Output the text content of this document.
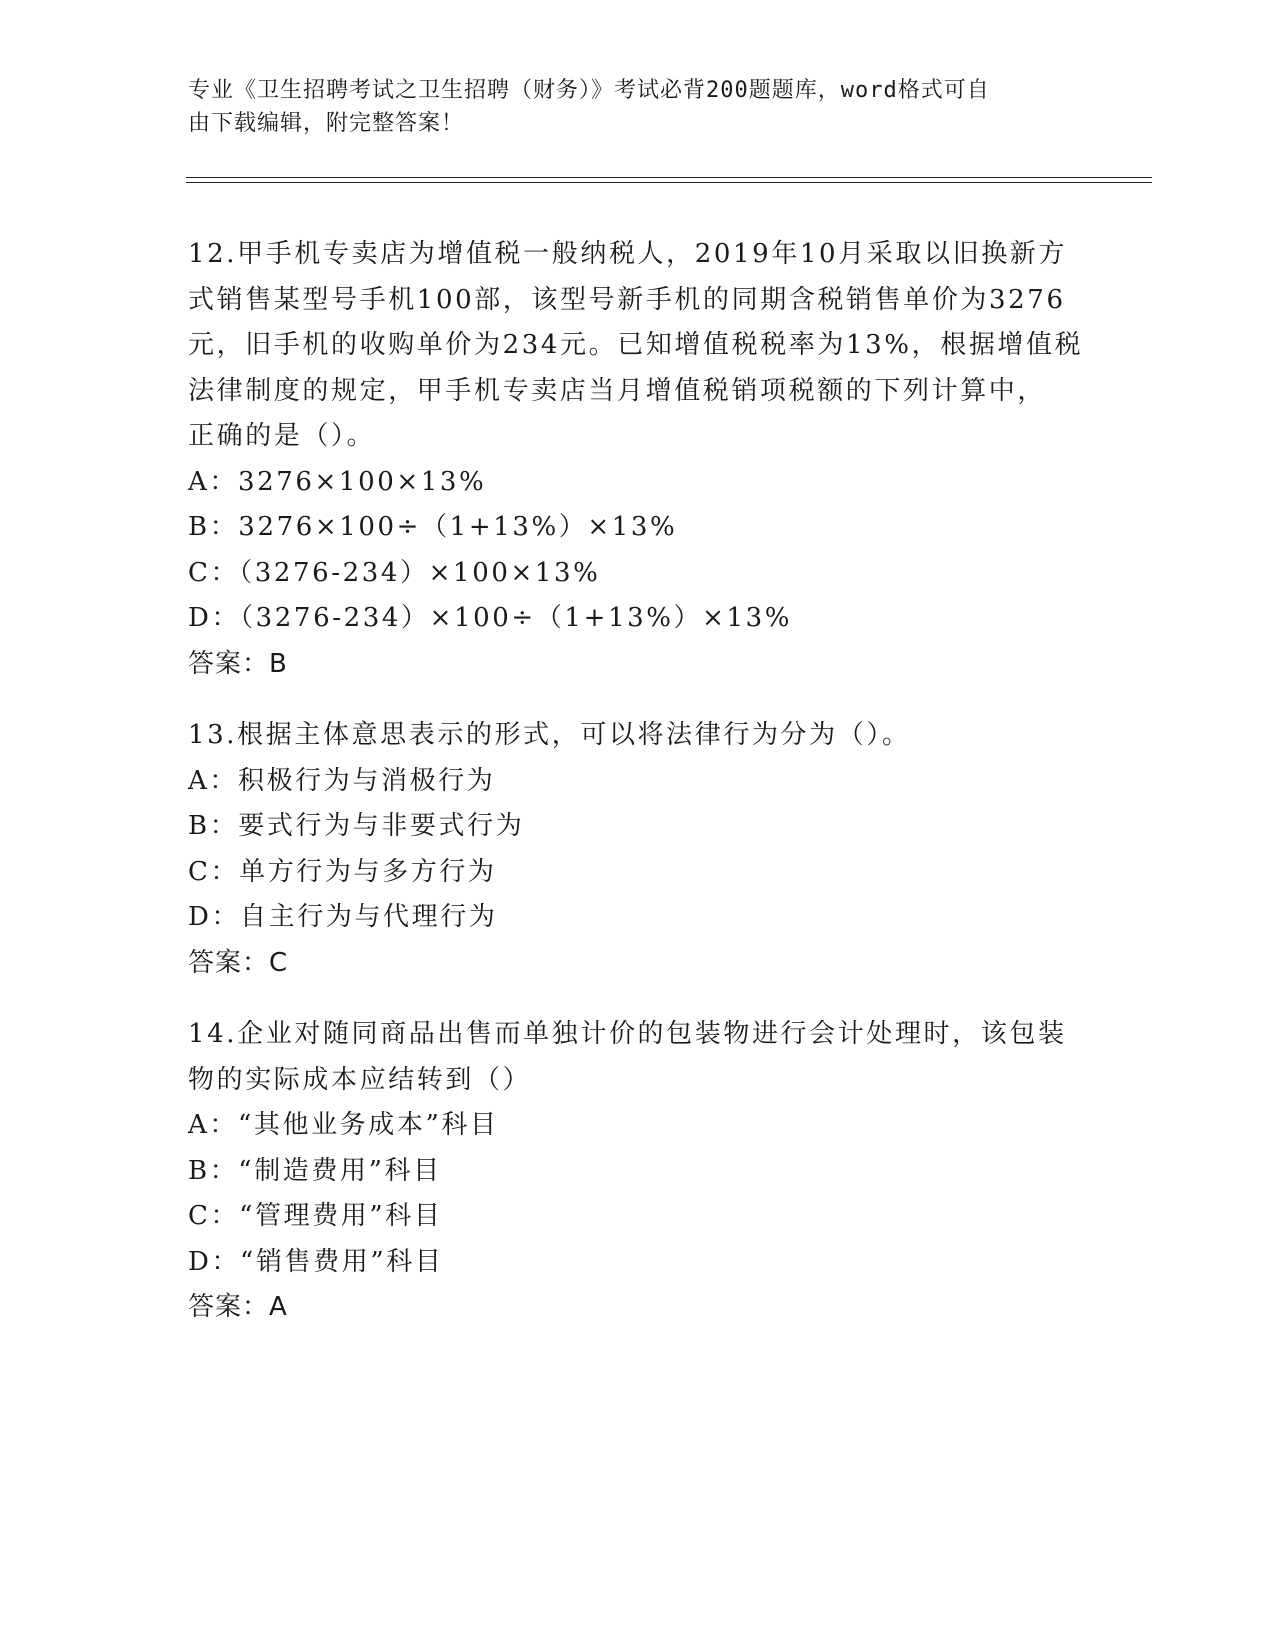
专业《卫生招聘考试之卫生招聘（财务）》考试必背200题题库，word格式可自
由下载编辑，附完整答案！
12.甲手机专卖店为增值税一般纳税人，2019年10月采取以旧换新方
式销售某型号手机100部，该型号新手机的同期含税销售单价为3276
元，旧手机的收购单价为234元。已知增值税税率为13%，根据增值税
法律制度的规定，甲手机专卖店当月增值税销项税额的下列计算中，
正确的是（）。
A：3276×100×13%
B：3276×100÷（1+13%）×13%
C：（3276-234）×100×13%
D：（3276-234）×100÷（1+13%）×13%
答案：B
13.根据主体意思表示的形式，可以将法律行为分为（）。
A：积极行为与消极行为
B：要式行为与非要式行为
C：单方行为与多方行为
D：自主行为与代理行为
答案：C
14.企业对随同商品出售而单独计价的包装物进行会计处理时，该包装
物的实际成本应结转到（）
A：“其他业务成本”科目
B：“制造费用”科目
C：“管理费用”科目
D：“销售费用”科目
答案：A
